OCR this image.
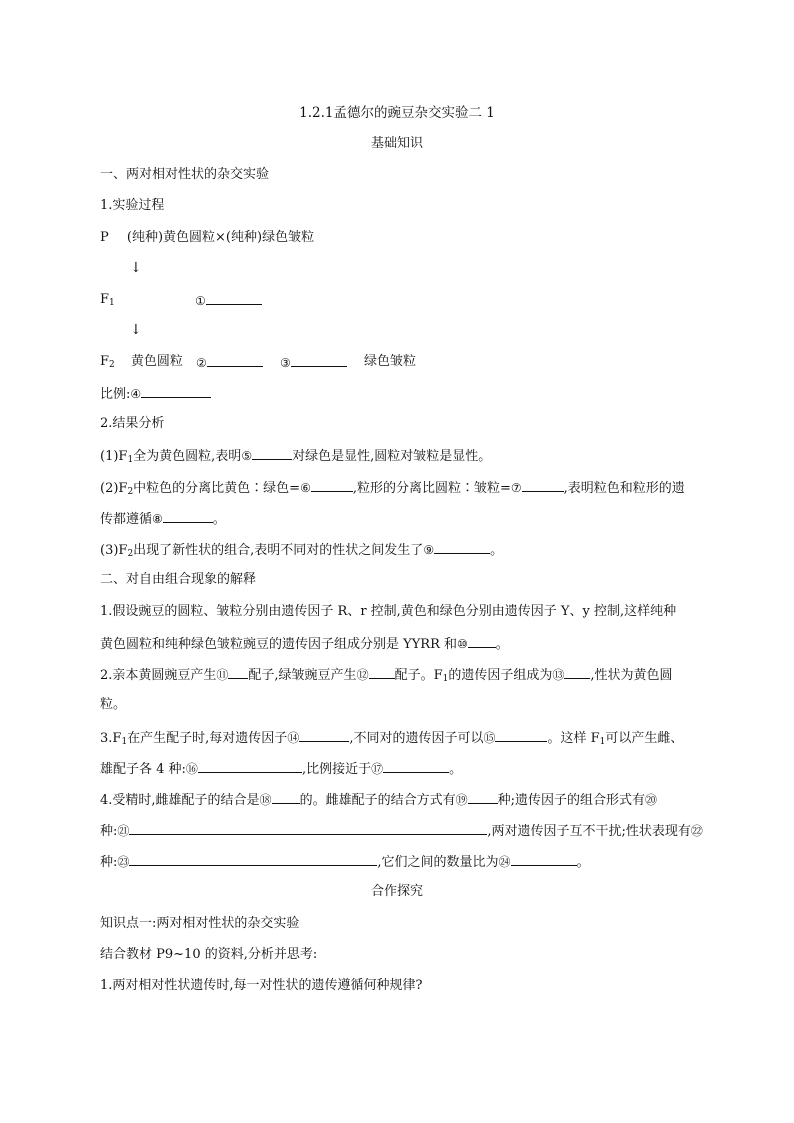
1.2.1孟德尔的豌豆杂交实验二 1
基础知识
一、两对相对性状的杂交实验
1.实验过程
P (纯种)黄色圆粒×(纯种)绿色皱粒
↓
$F_1$	①
↓
$F_2$ 黄色圆粒 ②	③	绿色皱粒
比例:④
2.结果分析
$(1)F_1$全为黄色圆粒,表明⑤	对绿色是显性,圆粒对皱粒是显性。
$(2)F_2$中粒色的分离比黄色∶绿色=⑥	,粒形的分离比圆粒∶皱粒=⑦	,表明粒色和粒形的遗
传都遵循⑧	。
$(3)F_2$出现了新性状的组合,表明不同对的性状之间发生了⑨	。
二、对自由组合现象的解释
1.假设豌豆的圆粒、皱粒分别由遗传因子 R、r 控制,黄色和绿色分别由遗传因子 Y、y 控制,这样纯种
黄色圆粒和纯种绿色皱粒豌豆的遗传因子组成分别是 YYRR 和⑩ 。
2.亲本黄圆豌豆产生⑪ 配子,绿皱豌豆产生⑫ 配子。$F_1$的遗传因子组成为⑬ ,性状为黄色圆
粒。
$3.F_1$在产生配子时,每对遗传因子⑭	,不同对的遗传因子可以⑮	。这样 $F_1$可以产生雌、
雄配子各 4 种:⑯	,比例接近于⑰	。
4.受精时,雌雄配子的结合是⑱ 的。雌雄配子的结合方式有⑲ 种;遗传因子的组合形式有⑳
种:㉑	,两对遗传因子互不干扰;性状表现有㉒
种:㉓	,它们之间的数量比为㉔	。
合作探究
知识点一:两对相对性状的杂交实验
结合教材 P9~10 的资料,分析并思考:
1.两对相对性状遗传时,每一对性状的遗传遵循何种规律?
